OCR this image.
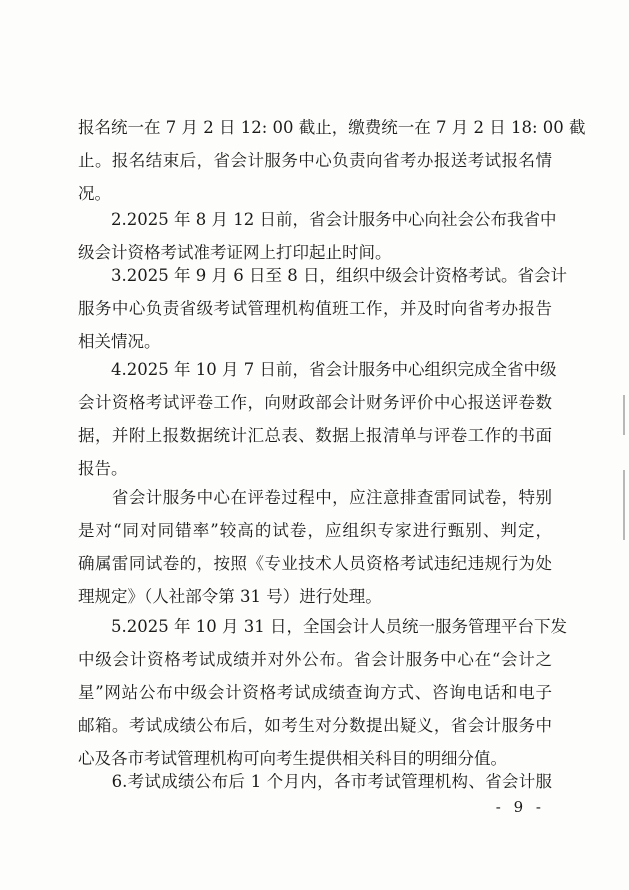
报名统一在 7 月 2 日 12: 00 截止，缴费统一在 7 月 2 日 18: 00 截
止。报名结束后，省会计服务中心负责向省考办报送考试报名情
况。
　　2.2025 年 8 月 12 日前，省会计服务中心向社会公布我省中
级会计资格考试准考证网上打印起止时间。
　　3.2025 年 9 月 6 日至 8 日，组织中级会计资格考试。省会计
服务中心负责省级考试管理机构值班工作，并及时向省考办报告
相关情况。
　　4.2025 年 10 月 7 日前，省会计服务中心组织完成全省中级
会计资格考试评卷工作，向财政部会计财务评价中心报送评卷数
据，并附上报数据统计汇总表、数据上报清单与评卷工作的书面
报告。
　　省会计服务中心在评卷过程中，应注意排查雷同试卷，特别
是对“同对同错率”较高的试卷，应组织专家进行甄别、判定，
确属雷同试卷的，按照《专业技术人员资格考试违纪违规行为处
理规定》（人社部令第 31 号）进行处理。
　　5.2025 年 10 月 31 日，全国会计人员统一服务管理平台下发
中级会计资格考试成绩并对外公布。省会计服务中心在“会计之
星”网站公布中级会计资格考试成绩查询方式、咨询电话和电子
邮箱。考试成绩公布后，如考生对分数提出疑义，省会计服务中
心及各市考试管理机构可向考生提供相关科目的明细分值。
　　6.考试成绩公布后 1 个月内，各市考试管理机构、省会计服
- 9 -
